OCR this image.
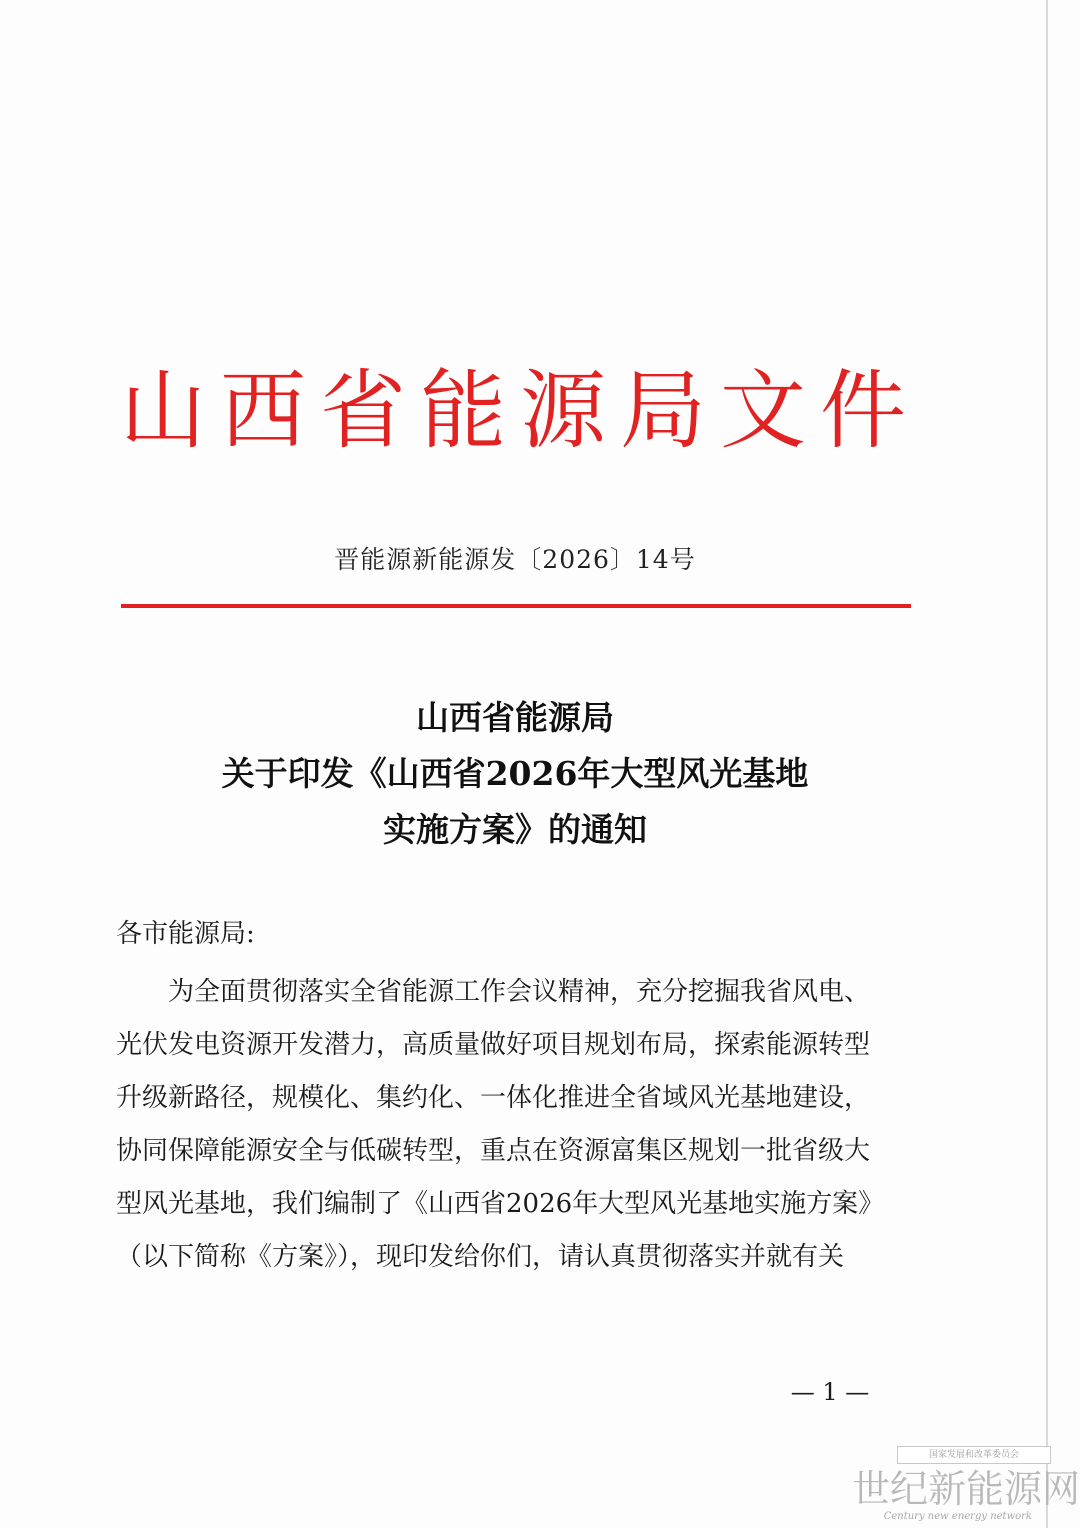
山西省能源局文件
晋能源新能源发〔2026〕14号
山西省能源局
关于印发《山西省2026年大型风光基地
实施方案》的通知
各市能源局:
为全面贯彻落实全省能源工作会议精神，充分挖掘我省风电、
光伏发电资源开发潜力，高质量做好项目规划布局，探索能源转型
升级新路径，规模化、集约化、一体化推进全省域风光基地建设，
协同保障能源安全与低碳转型，重点在资源富集区规划一批省级大
型风光基地，我们编制了《山西省2026年大型风光基地实施方案》
（以下简称《方案》），现印发给你们，请认真贯彻落实并就有关
— 1 —
国家发展和改革委员会
世纪新能源网
Century new energy network
